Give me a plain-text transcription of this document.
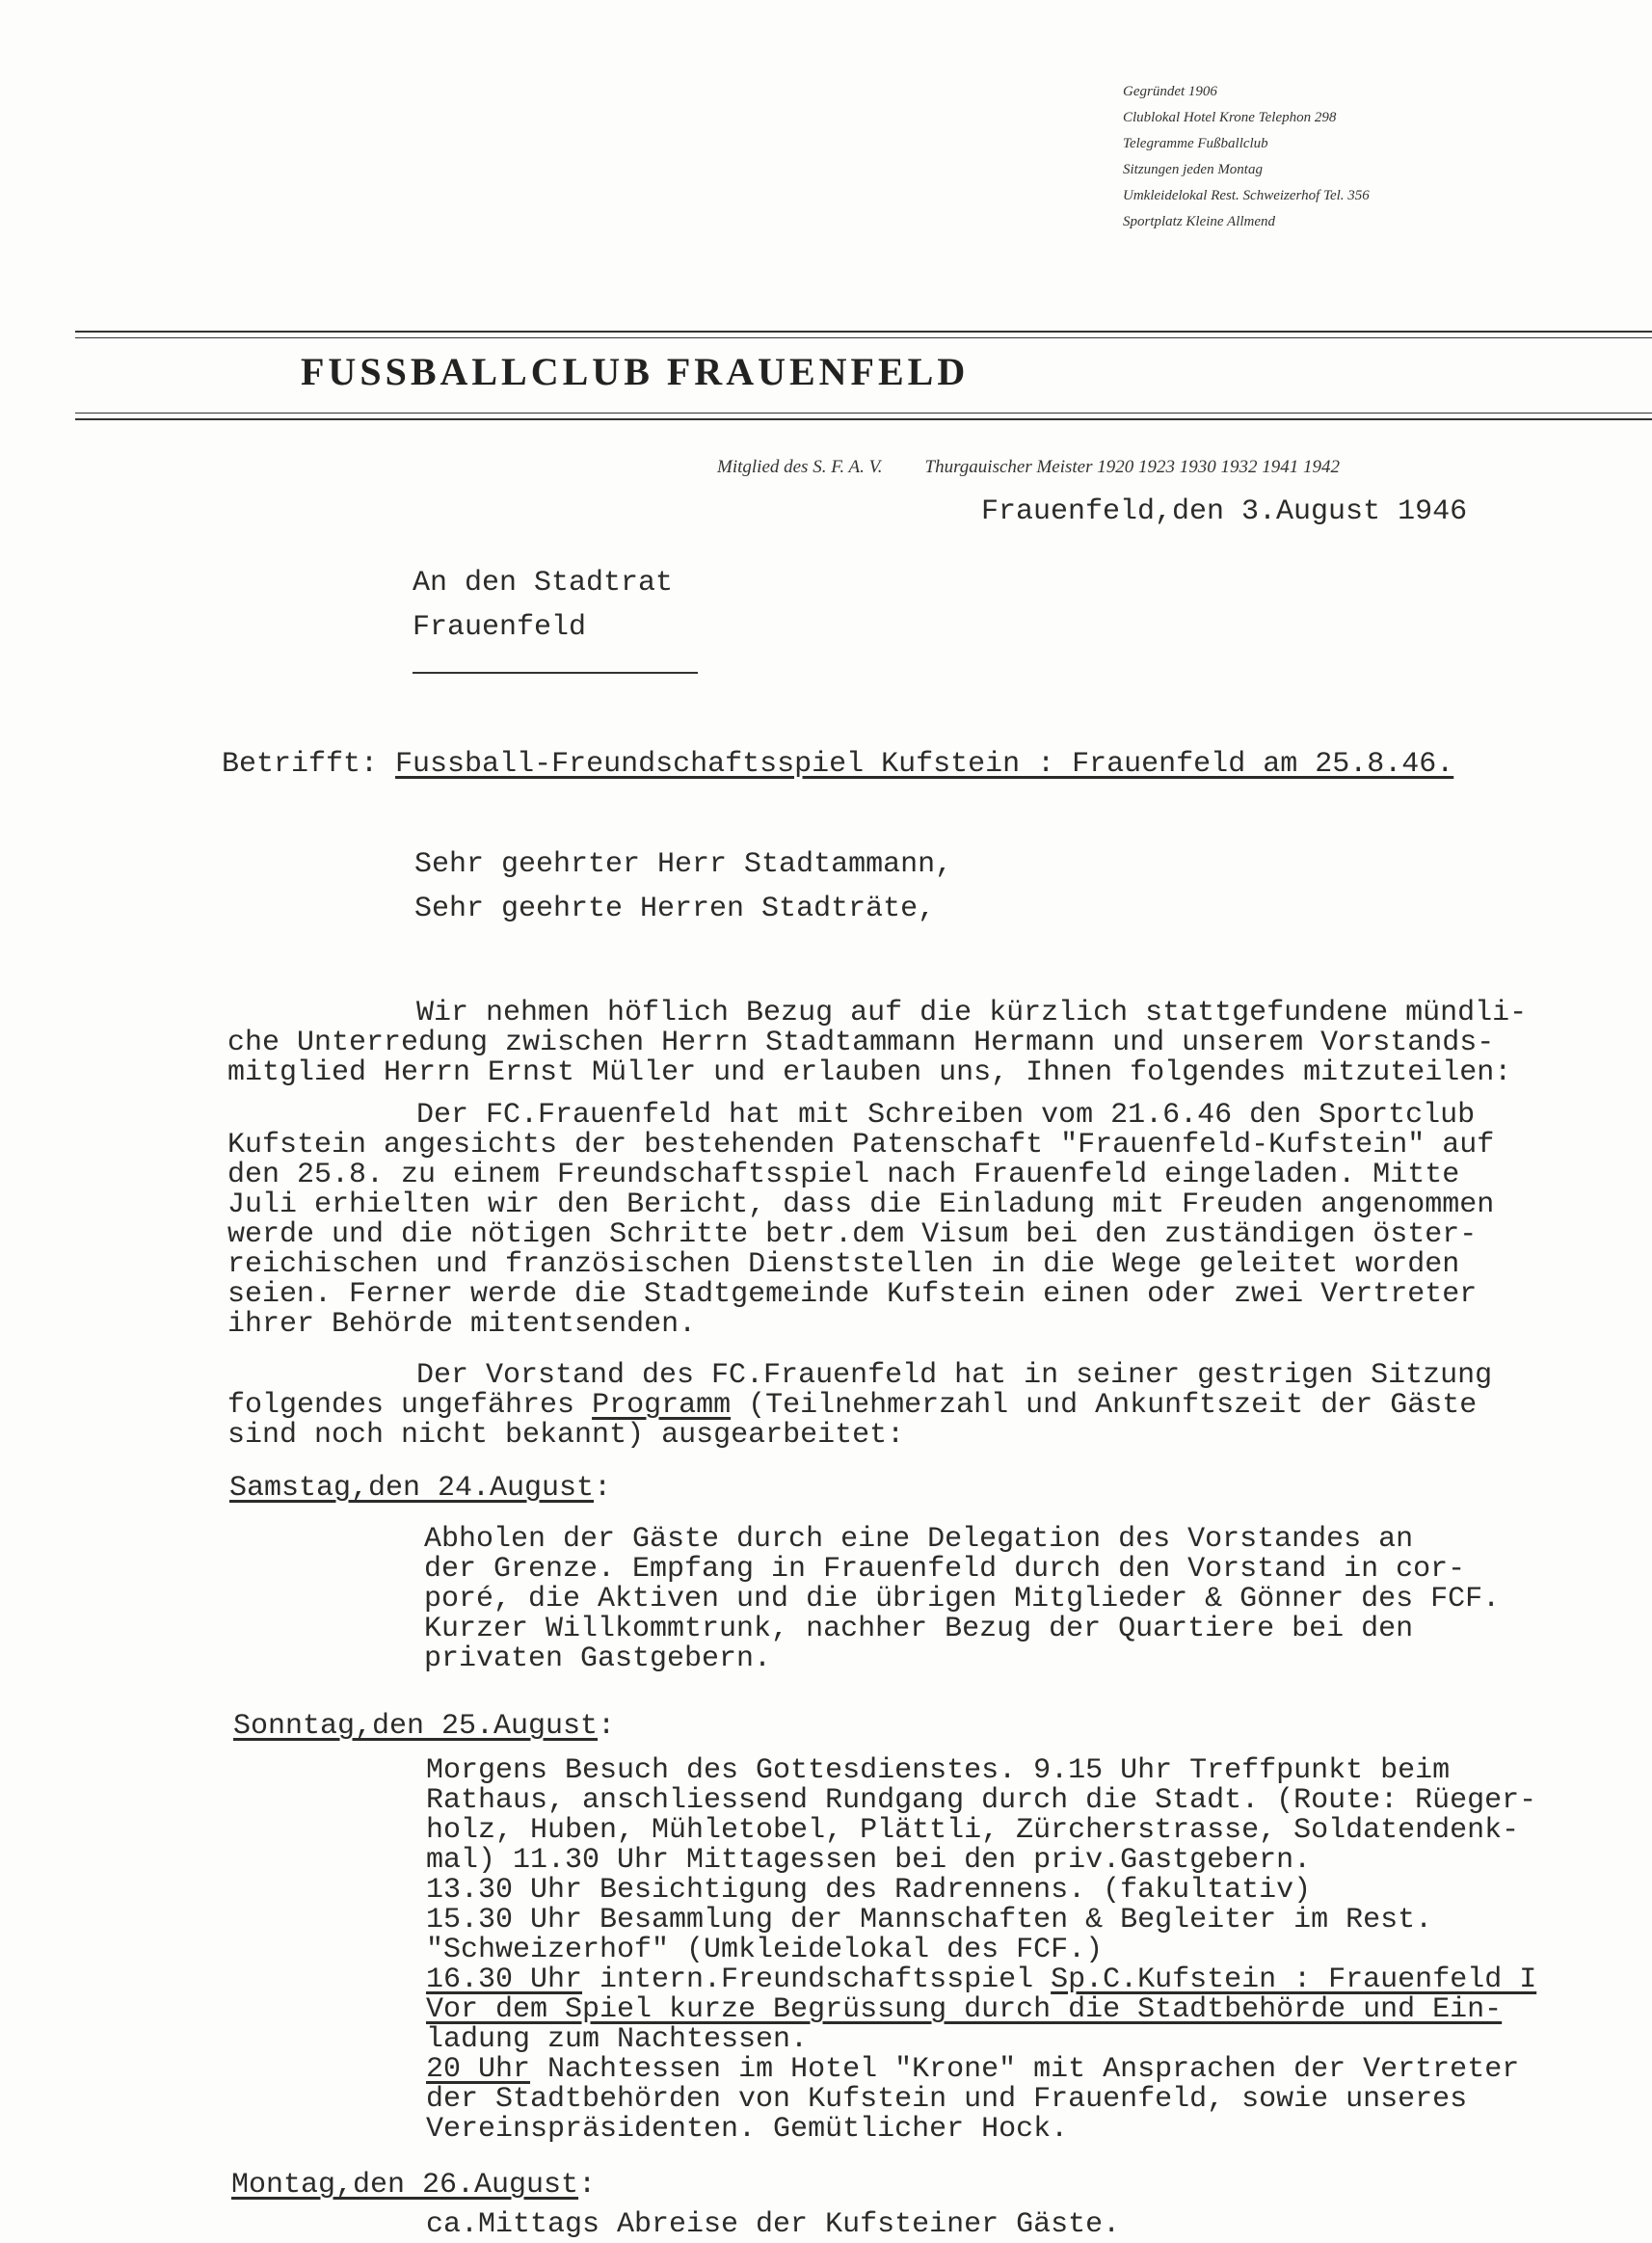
Gegründet 1906
Clublokal Hotel Krone Telephon 298
Telegramme Fußballclub
Sitzungen jeden Montag
Umkleidelokal Rest. Schweizerhof Tel. 356
Sportplatz Kleine Allmend
FUSSBALLCLUB FRAUENFELD
Mitglied des S. F. A. V. Thurgauischer Meister 1920 1923 1930 1932 1941 1942
Frauenfeld,den 3.August 1946
An den Stadtrat
Frauenfeld
Betrifft: Fussball-Freundschaftsspiel Kufstein : Frauenfeld am 25.8.46.
Sehr geehrter Herr Stadtammann,
Sehr geehrte Herren Stadträte,
Wir nehmen höflich Bezug auf die kürzlich stattgefundene mündli-
che Unterredung zwischen Herrn Stadtammann Hermann und unserem Vorstands-
mitglied Herrn Ernst Müller und erlauben uns, Ihnen folgendes mitzuteilen:
Der FC.Frauenfeld hat mit Schreiben vom 21.6.46 den Sportclub
Kufstein angesichts der bestehenden Patenschaft "Frauenfeld-Kufstein" auf
den 25.8. zu einem Freundschaftsspiel nach Frauenfeld eingeladen. Mitte
Juli erhielten wir den Bericht, dass die Einladung mit Freuden angenommen
werde und die nötigen Schritte betr.dem Visum bei den zuständigen öster-
reichischen und französischen Dienststellen in die Wege geleitet worden
seien. Ferner werde die Stadtgemeinde Kufstein einen oder zwei Vertreter
ihrer Behörde mitentsenden.
Der Vorstand des FC.Frauenfeld hat in seiner gestrigen Sitzung
folgendes ungefähres Programm (Teilnehmerzahl und Ankunftszeit der Gäste
sind noch nicht bekannt) ausgearbeitet:
Samstag,den 24.August:
Abholen der Gäste durch eine Delegation des Vorstandes an
der Grenze. Empfang in Frauenfeld durch den Vorstand in cor-
poré, die Aktiven und die übrigen Mitglieder & Gönner des FCF.
Kurzer Willkommtrunk, nachher Bezug der Quartiere bei den
privaten Gastgebern.
Sonntag,den 25.August:
Morgens Besuch des Gottesdienstes. 9.15 Uhr Treffpunkt beim
Rathaus, anschliessend Rundgang durch die Stadt. (Route: Rüeger-
holz, Huben, Mühletobel, Plättli, Zürcherstrasse, Soldatendenk-
mal) 11.30 Uhr Mittagessen bei den priv.Gastgebern.
13.30 Uhr Besichtigung des Radrennens. (fakultativ)
15.30 Uhr Besammlung der Mannschaften & Begleiter im Rest.
"Schweizerhof" (Umkleidelokal des FCF.)
16.30 Uhr intern.Freundschaftsspiel Sp.C.Kufstein : Frauenfeld I
Vor dem Spiel kurze Begrüssung durch die Stadtbehörde und Ein-
ladung zum Nachtessen.
20 Uhr Nachtessen im Hotel "Krone" mit Ansprachen der Vertreter
der Stadtbehörden von Kufstein und Frauenfeld, sowie unseres
Vereinspräsidenten. Gemütlicher Hock.
Montag,den 26.August:
ca.Mittags Abreise der Kufsteiner Gäste.
